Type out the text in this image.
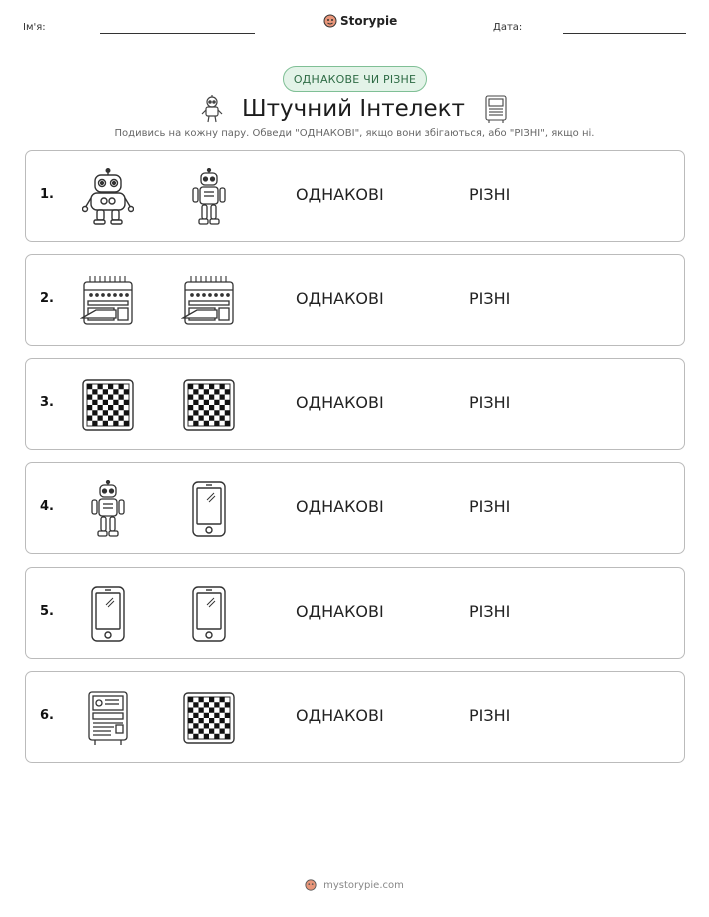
Ім'я:	Storypie	Дата:
ОДНАКОВЕ ЧИ РІЗНЕ
Штучний Інтелект
Подивись на кожну пару. Обведи "ОДНАКОВІ", якщо вони збігаються, або "РІЗНІ", якщо ні.
1.	ОДНАКОВІ	РІЗНІ
2.	ОДНАКОВІ	РІЗНІ
3.	ОДНАКОВІ	РІЗНІ
4.	ОДНАКОВІ	РІЗНІ
5.	ОДНАКОВІ	РІЗНІ
6.	ОДНАКОВІ	РІЗНІ
mystorypie.com
